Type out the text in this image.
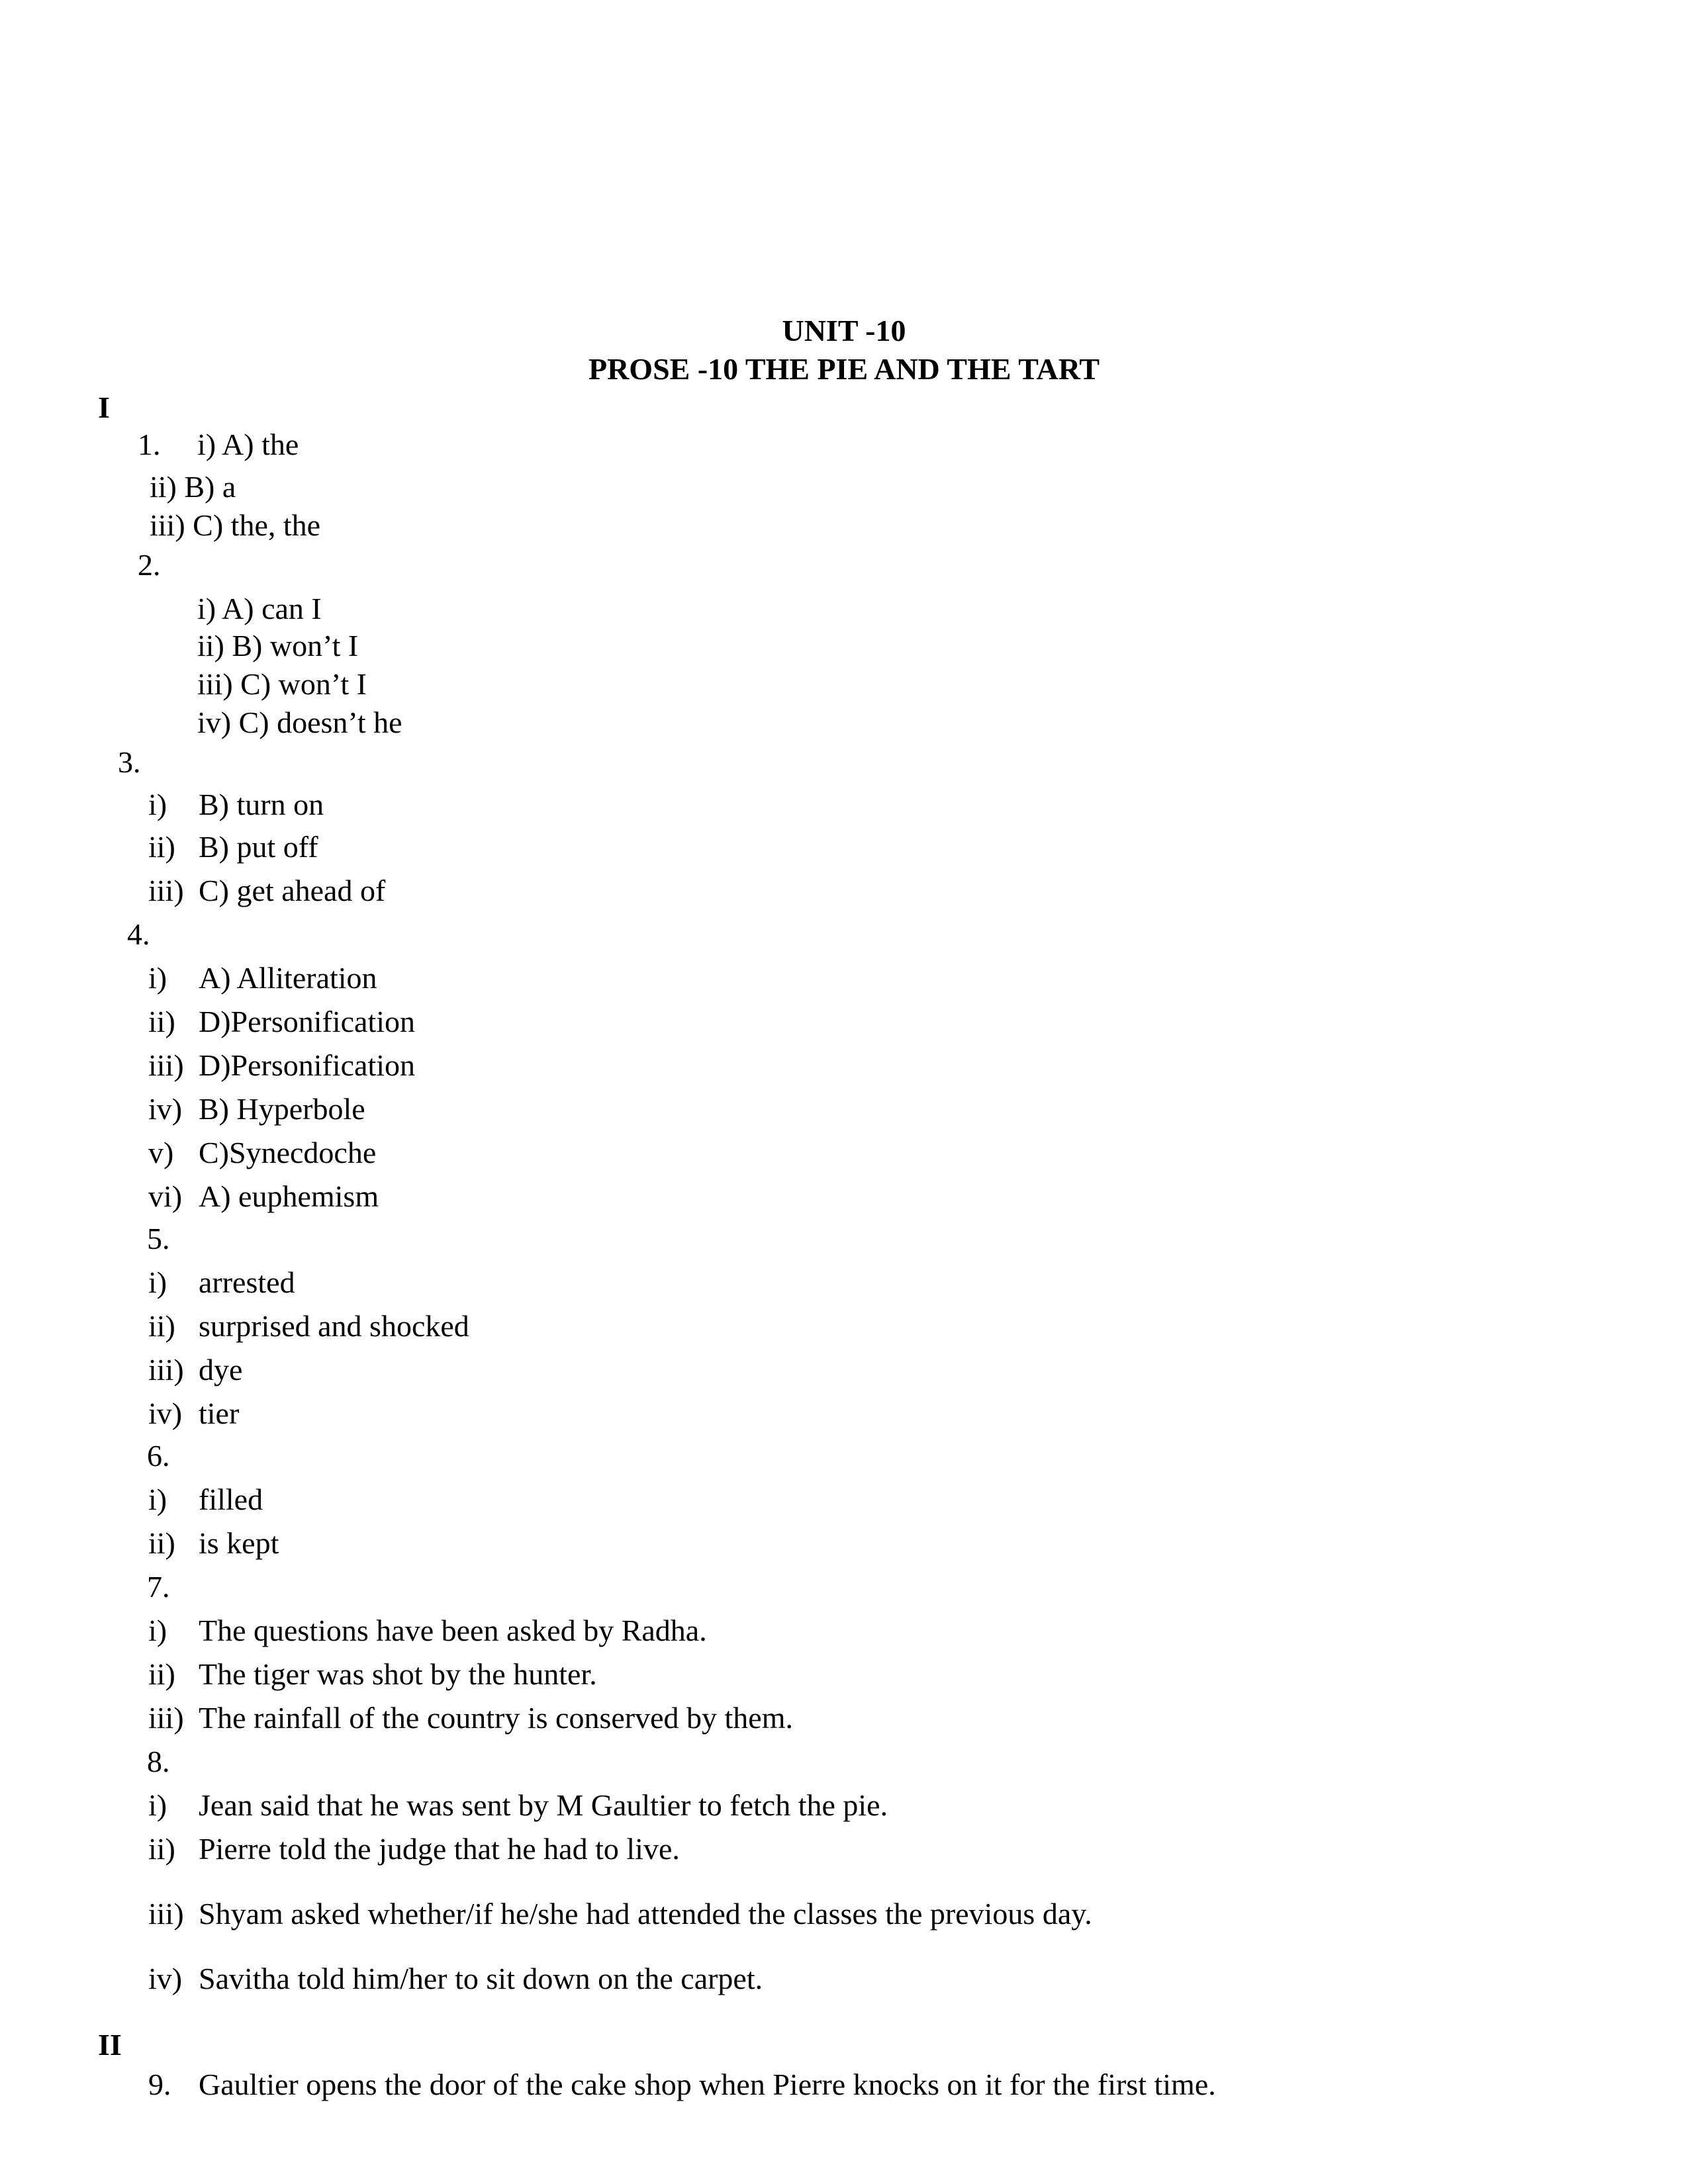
UNIT -10
PROSE -10 THE PIE AND THE TART
I
1. i) A) the
ii) B) a
iii) C) the, the
2.
i) A) can I
ii) B) won’t I
iii) C) won’t I
iv) C) doesn’t he
3.
i) B) turn on
ii) B) put off
iii) C) get ahead of
4.
i) A) Alliteration
ii) D)Personification
iii) D)Personification
iv) B) Hyperbole
v) C)Synecdoche
vi) A) euphemism
5.
i) arrested
ii) surprised and shocked
iii) dye
iv) tier
6.
i) filled
ii) is kept
7.
i) The questions have been asked by Radha.
ii) The tiger was shot by the hunter.
iii) The rainfall of the country is conserved by them.
8.
i) Jean said that he was sent by M Gaultier to fetch the pie.
ii) Pierre told the judge that he had to live.
iii) Shyam asked whether/if he/she had attended the classes the previous day.
iv) Savitha told him/her to sit down on the carpet.
II
9. Gaultier opens the door of the cake shop when Pierre knocks on it for the first time.
